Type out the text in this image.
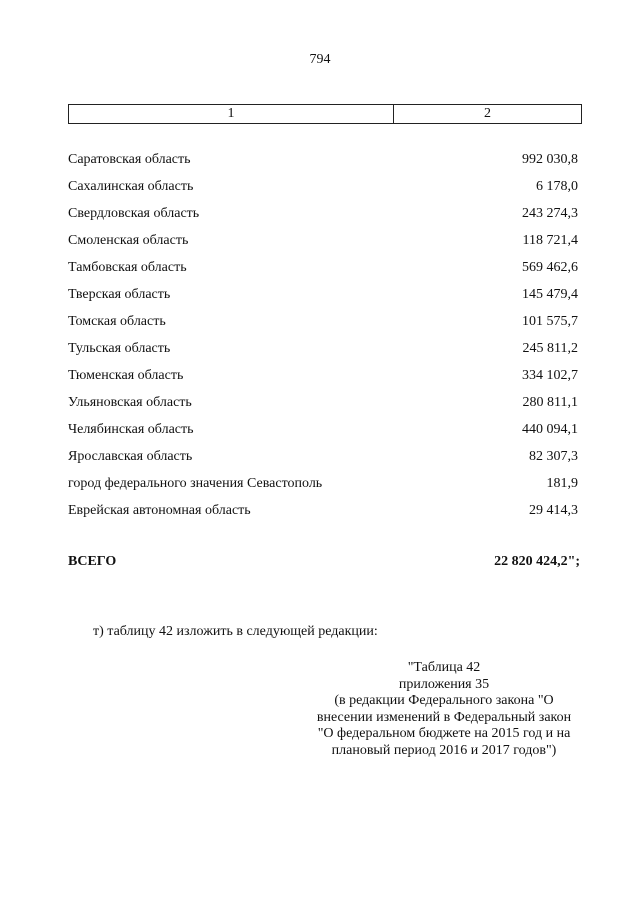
794
1	2
Саратовская область	992 030,8
Сахалинская область	6 178,0
Свердловская область	243 274,3
Смоленская область	118 721,4
Тамбовская область	569 462,6
Тверская область	145 479,4
Томская область	101 575,7
Тульская область	245 811,2
Тюменская область	334 102,7
Ульяновская область	280 811,1
Челябинская область	440 094,1
Ярославская область	82 307,3
город федерального значения Севастополь	181,9
Еврейская автономная область	29 414,3
ВСЕГО	22 820 424,2";
т) таблицу 42 изложить в следующей редакции:
"Таблица 42
приложения 35
(в редакции Федерального закона "О
внесении изменений в Федеральный закон
"О федеральном бюджете на 2015 год и на
плановый период 2016 и 2017 годов")
